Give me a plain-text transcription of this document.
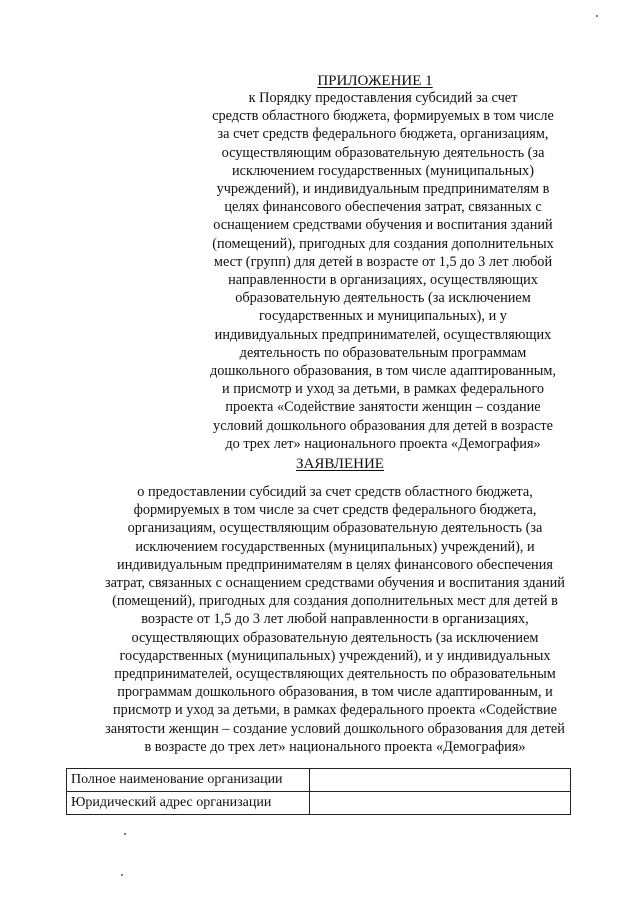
ПРИЛОЖЕНИЕ 1
к Порядку предоставления субсидий за счет
средств областного бюджета, формируемых в том числе
за счет средств федерального бюджета, организациям,
осуществляющим образовательную деятельность (за
исключением государственных (муниципальных)
учреждений), и индивидуальным предпринимателям в
целях финансового обеспечения затрат, связанных с
оснащением средствами обучения и воспитания зданий
(помещений), пригодных для создания дополнительных
мест (групп) для детей в возрасте от 1,5 до 3 лет любой
направленности в организациях, осуществляющих
образовательную деятельность (за исключением
государственных и муниципальных), и у
индивидуальных предпринимателей, осуществляющих
деятельность по образовательным программам
дошкольного образования, в том числе адаптированным,
и присмотр и уход за детьми, в рамках федерального
проекта «Содействие занятости женщин – создание
условий дошкольного образования для детей в возрасте
до трех лет» национального проекта «Демография»
ЗАЯВЛЕНИЕ
о предоставлении субсидий за счет средств областного бюджета,
формируемых в том числе за счет средств федерального бюджета,
организациям, осуществляющим образовательную деятельность (за
исключением государственных (муниципальных) учреждений), и
индивидуальным предпринимателям в целях финансового обеспечения
затрат, связанных с оснащением средствами обучения и воспитания зданий
(помещений), пригодных для создания дополнительных мест для детей в
возрасте от 1,5 до 3 лет любой направленности в организациях,
осуществляющих образовательную деятельность (за исключением
государственных (муниципальных) учреждений), и у индивидуальных
предпринимателей, осуществляющих деятельность по образовательным
программам дошкольного образования, в том числе адаптированным, и
присмотр и уход за детьми, в рамках федерального проекта «Содействие
занятости женщин – создание условий дошкольного образования для детей
в возрасте до трех лет» национального проекта «Демография»
Полное наименование организации	
Юридический адрес организации	
